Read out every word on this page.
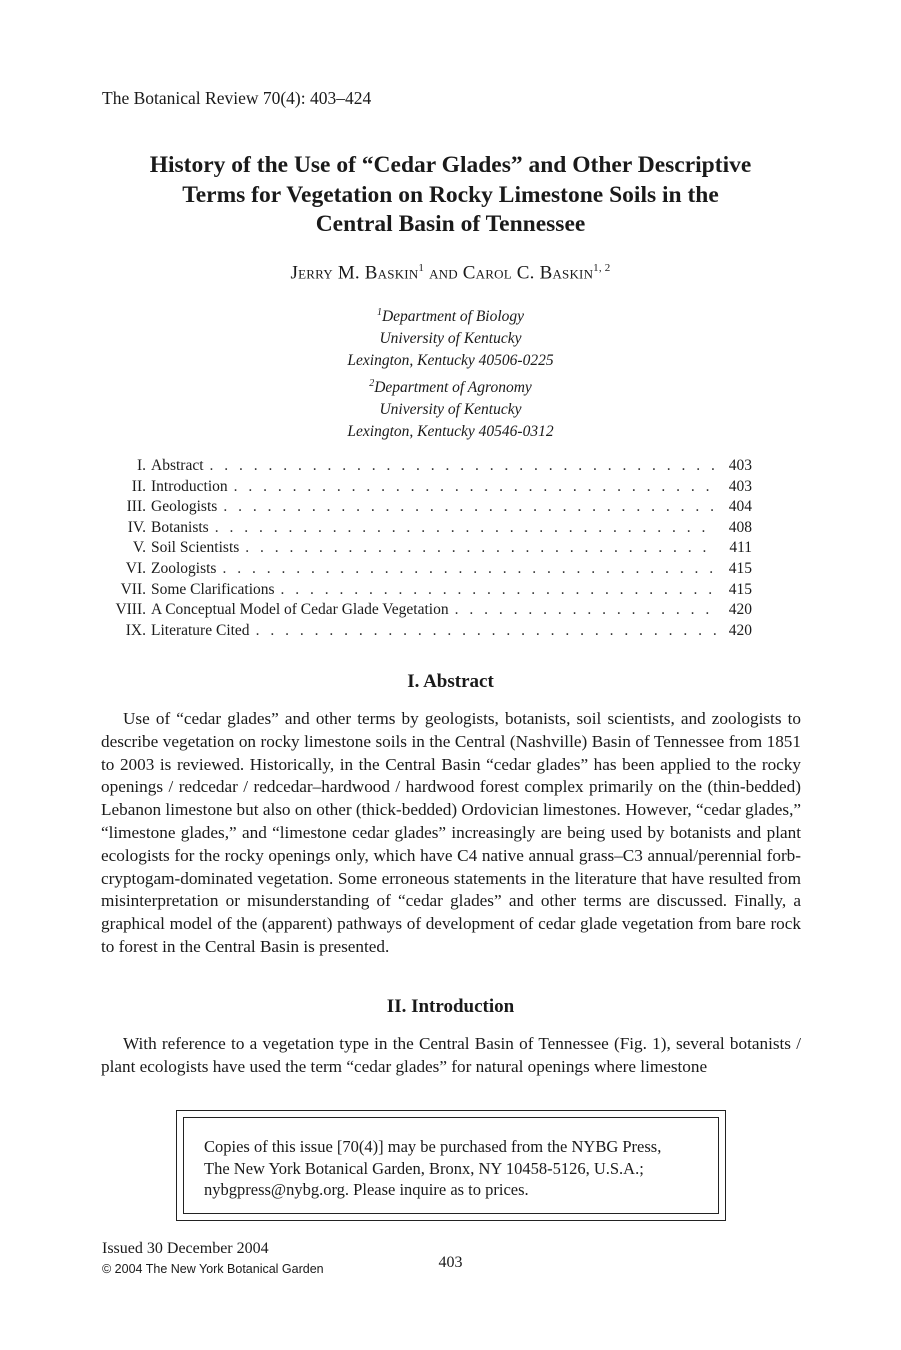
The Botanical Review 70(4): 403–424
History of the Use of “Cedar Glades” and Other Descriptive
Terms for Vegetation on Rocky Limestone Soils in the
Central Basin of Tennessee
Jerry M. Baskin$^1$ and Carol C. Baskin$^{1, 2}$
$^1$Department of Biology
University of Kentucky
Lexington, Kentucky 40506-0225
$^2$Department of Agronomy
University of Kentucky
Lexington, Kentucky 40546-0312
I. Abstract . . .	403
II. Introduction . . .	403
III. Geologists . . .	404
IV. Botanists . . .	408
V. Soil Scientists . . .	411
VI. Zoologists . . .	415
VII. Some Clarifications . . .	415
VIII. A Conceptual Model of Cedar Glade Vegetation . . .	420
IX. Literature Cited . . .	420
I. Abstract
Use of “cedar glades” and other terms by geologists, botanists, soil scientists, and zoologists to describe vegetation on rocky limestone soils in the Central (Nashville) Basin of Tennessee from 1851 to 2003 is reviewed. Historically, in the Central Basin “cedar glades” has been applied to the rocky openings / redcedar / redcedar–hardwood / hardwood forest complex primarily on the (thin-bedded) Lebanon limestone but also on other (thick-bedded) Ordovician limestones. However, “cedar glades,” “limestone glades,” and “limestone cedar glades” increasingly are being used by botanists and plant ecologists for the rocky openings only, which have C4 native annual grass–C3 annual/perennial forb-cryptogam-dominated vegetation. Some erroneous statements in the literature that have resulted from misinterpretation or misunderstanding of “cedar glades” and other terms are discussed. Finally, a graphical model of the (apparent) pathways of development of cedar glade vegetation from bare rock to forest in the Central Basin is presented.
II. Introduction
With reference to a vegetation type in the Central Basin of Tennessee (Fig. 1), several botanists / plant ecologists have used the term “cedar glades” for natural openings where limestone
Copies of this issue [70(4)] may be purchased from the NYBG Press,
The New York Botanical Garden, Bronx, NY 10458-5126, U.S.A.;
nybgpress@nybg.org. Please inquire as to prices.
Issued 30 December 2004
© 2004 The New York Botanical Garden	403
